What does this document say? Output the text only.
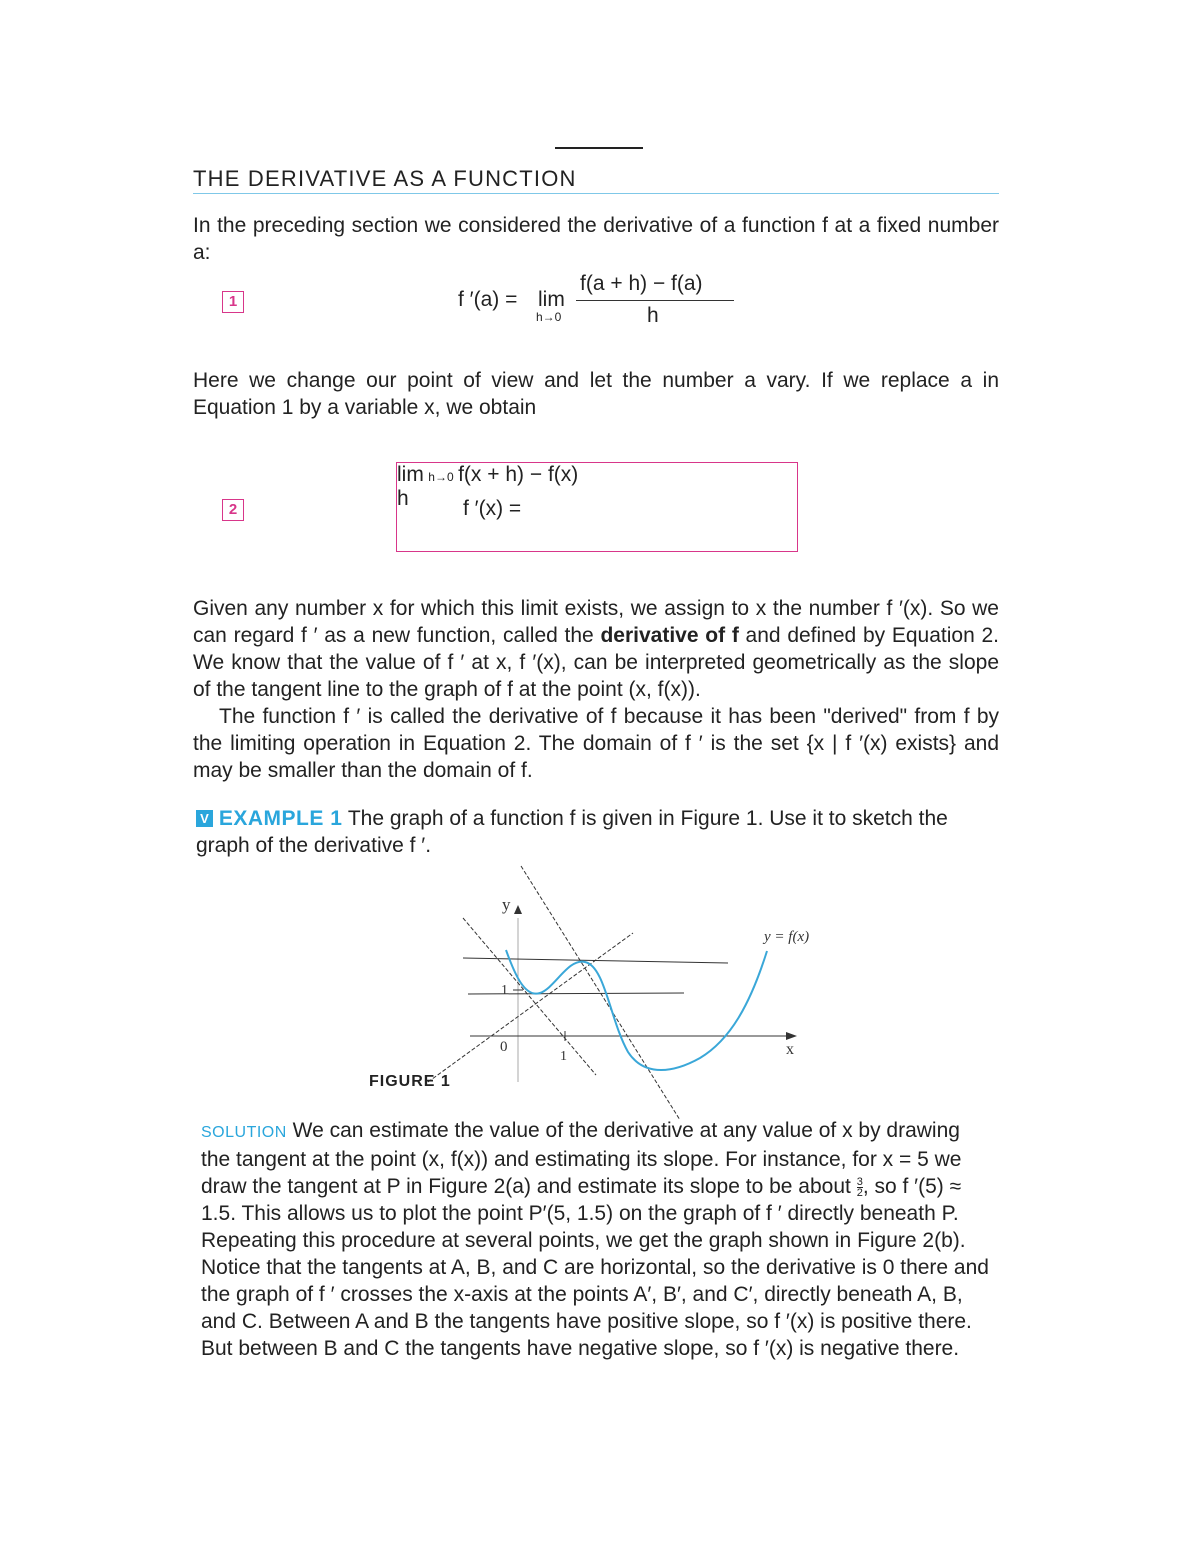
THE DERIVATIVE AS A FUNCTION
In the preceding section we considered the derivative of a function f at a fixed number a:
1	f ′(a) = lim
h→0
f(a + h) − f(a)
h
Here we change our point of view and let the number a vary. If we replace a in Equation 1 by a variable x, we obtain
2	f ′(x) =
lim h→0 f(x + h) − f(x)
h
Given any number x for which this limit exists, we assign to x the number f ′(x). So we can regard f ′ as a new function, called the derivative of f and defined by Equation 2. We know that the value of f ′ at x, f ′(x), can be interpreted geometrically as the slope of the tangent line to the graph of f at the point (x, f(x)).
The function f ′ is called the derivative of f because it has been "derived" from f by the limiting operation in Equation 2. The domain of f ′ is the set {x | f ′(x) exists} and may be smaller than the domain of f.
V EXAMPLE 1 The graph of a function f is given in Figure 1. Use it to sketch the graph of the derivative f ′.
y
x
0
1
1
y = f(x)
FIGURE 1
SOLUTION We can estimate the value of the derivative at any value of x by drawing the tangent at the point (x, f(x)) and estimating its slope. For instance, for x = 5 we draw the tangent at P in Figure 2(a) and estimate its slope to be about $\frac{3}{2}$ , so f ′(5) ≈ 1.5. This allows us to plot the point P′(5, 1.5) on the graph of f ′ directly beneath P. Repeating this procedure at several points, we get the graph shown in Figure 2(b). Notice that the tangents at A, B, and C are horizontal, so the derivative is 0 there and the graph of f ′ crosses the x-axis at the points A′, B′, and C′, directly beneath A, B, and C. Between A and B the tangents have positive slope, so f ′(x) is positive there. But between B and C the tangents have negative slope, so f ′(x) is negative there.
